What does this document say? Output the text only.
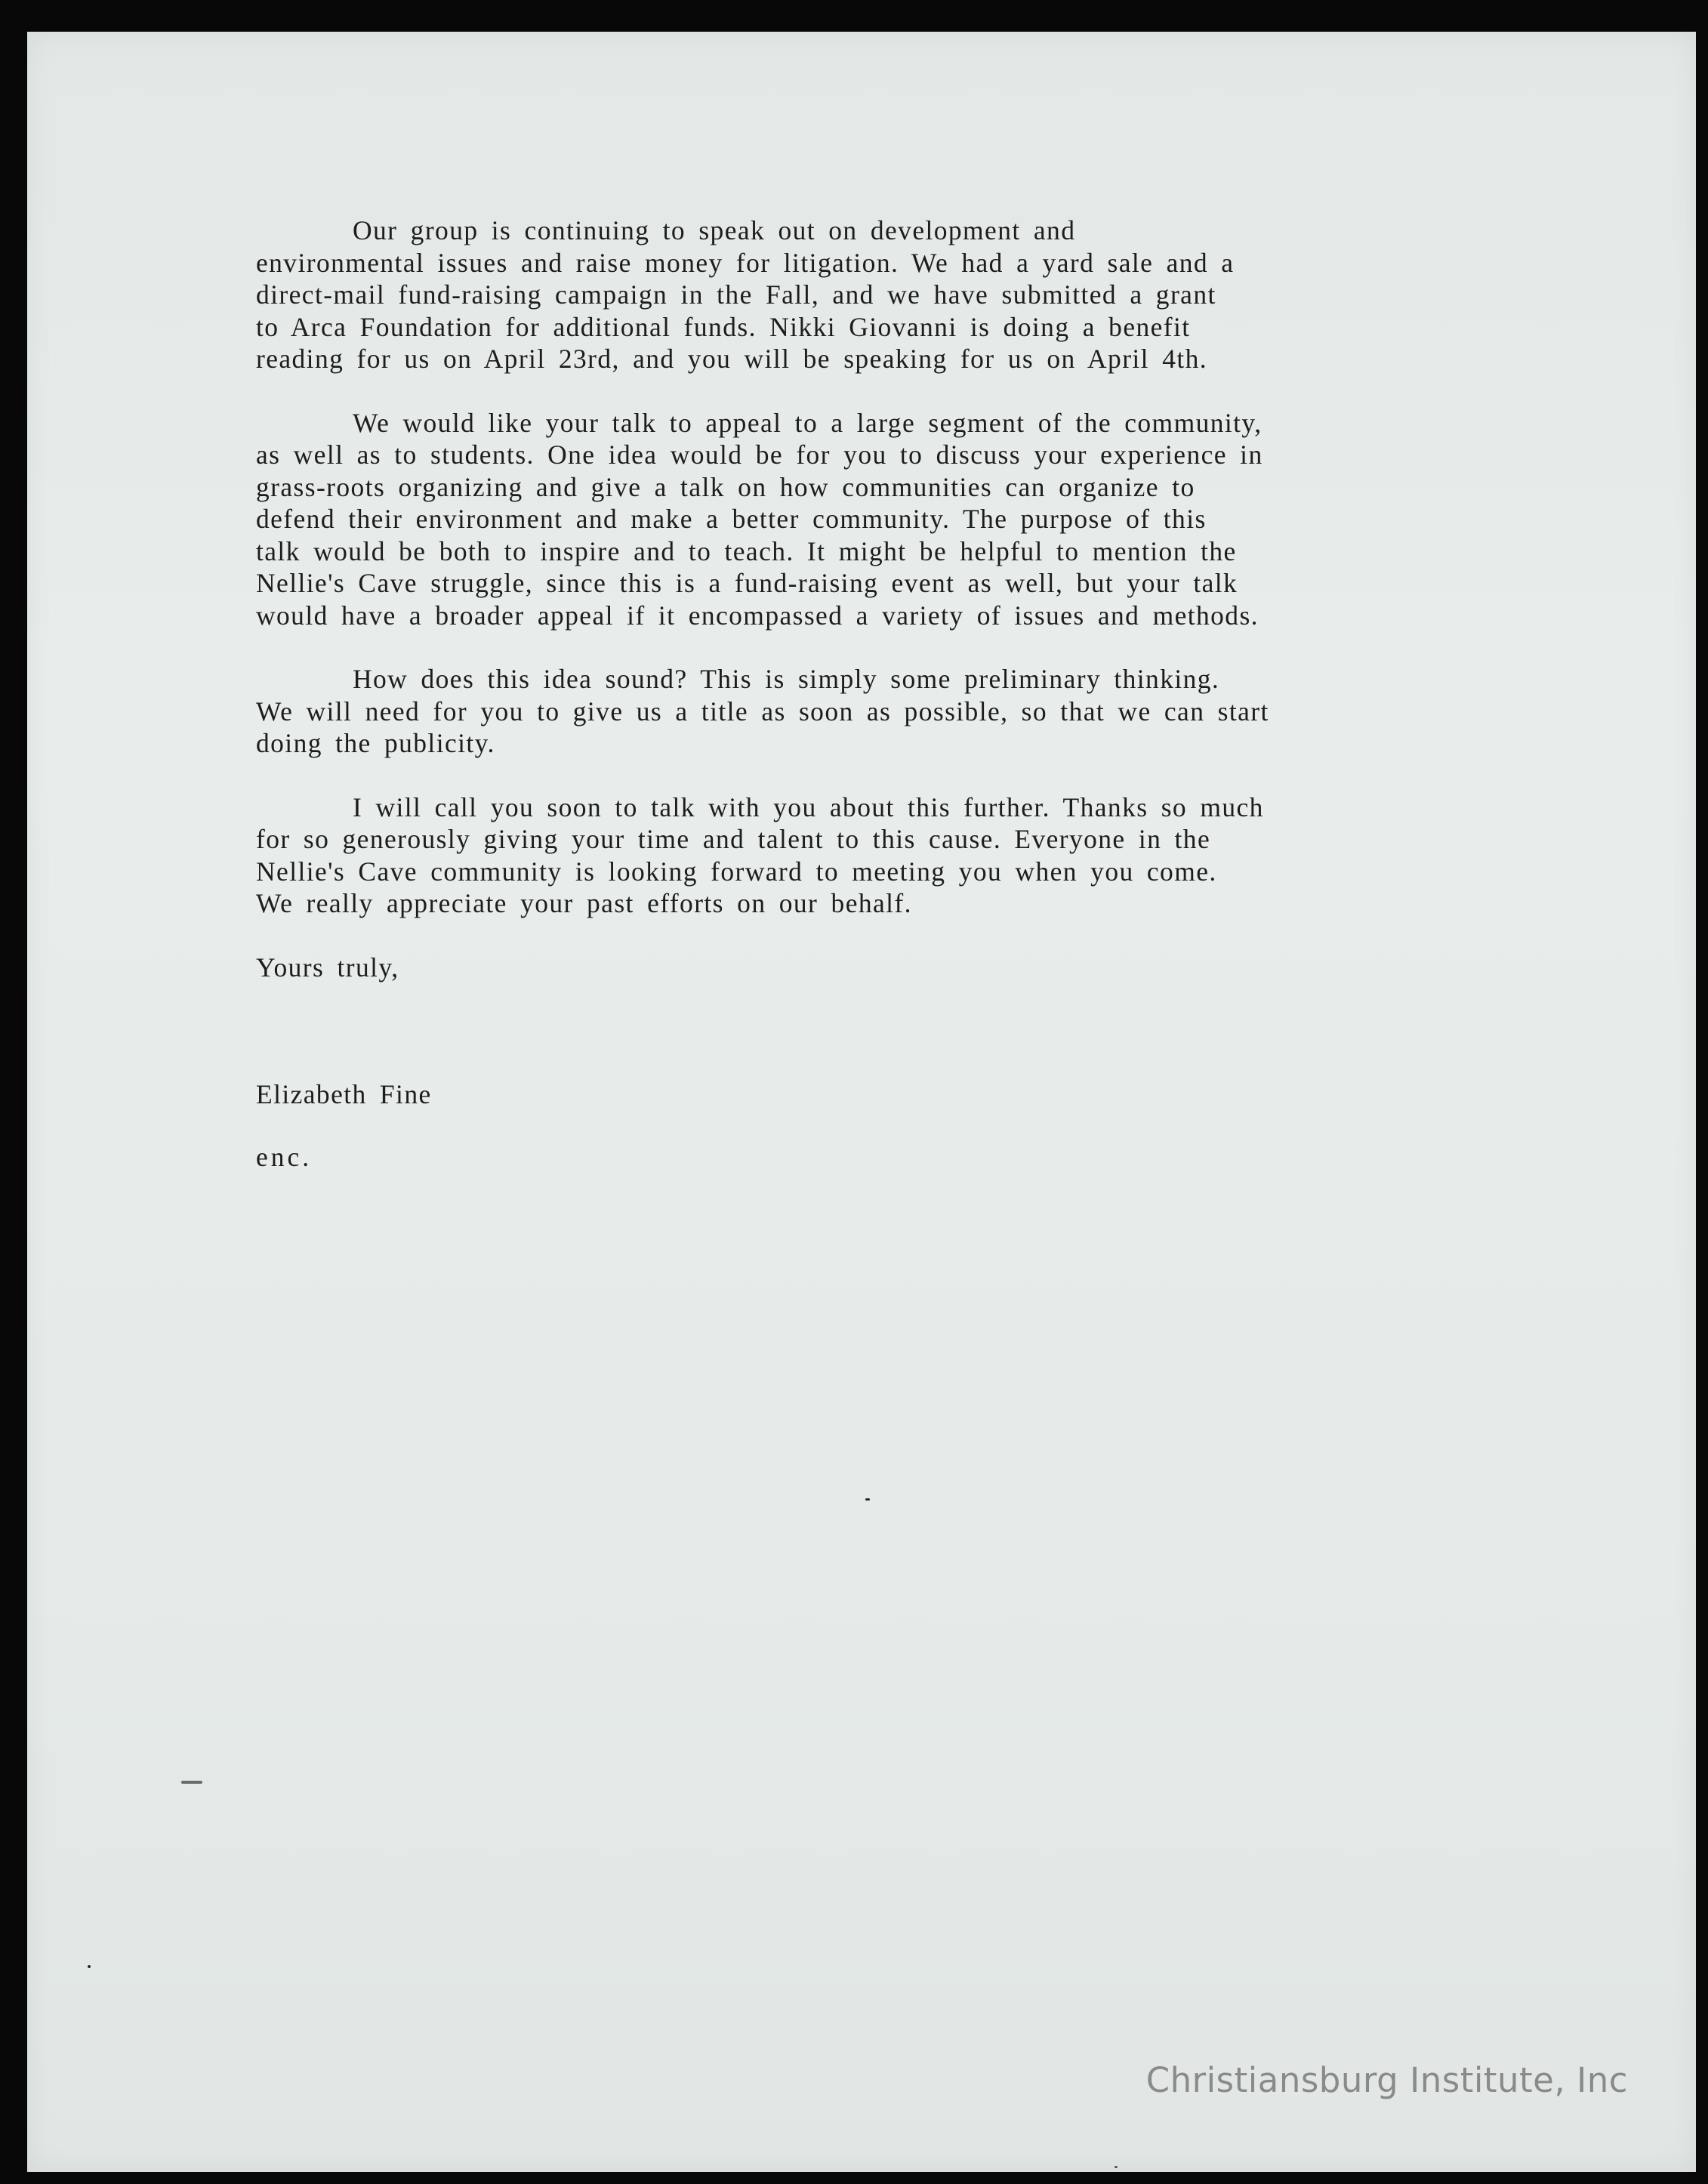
Our group is continuing to speak out on development and
environmental issues and raise money for litigation. We had a yard sale and a
direct-mail fund-raising campaign in the Fall, and we have submitted a grant
to Arca Foundation for additional funds. Nikki Giovanni is doing a benefit
reading for us on April 23rd, and you will be speaking for us on April 4th.
We would like your talk to appeal to a large segment of the community,
as well as to students. One idea would be for you to discuss your experience in
grass-roots organizing and give a talk on how communities can organize to
defend their environment and make a better community. The purpose of this
talk would be both to inspire and to teach. It might be helpful to mention the
Nellie's Cave struggle, since this is a fund-raising event as well, but your talk
would have a broader appeal if it encompassed a variety of issues and methods.
How does this idea sound? This is simply some preliminary thinking.
We will need for you to give us a title as soon as possible, so that we can start
doing the publicity.
I will call you soon to talk with you about this further. Thanks so much
for so generously giving your time and talent to this cause. Everyone in the
Nellie's Cave community is looking forward to meeting you when you come.
We really appreciate your past efforts on our behalf.
Yours truly,
Elizabeth Fine
enc.
Christiansburg Institute, Inc
